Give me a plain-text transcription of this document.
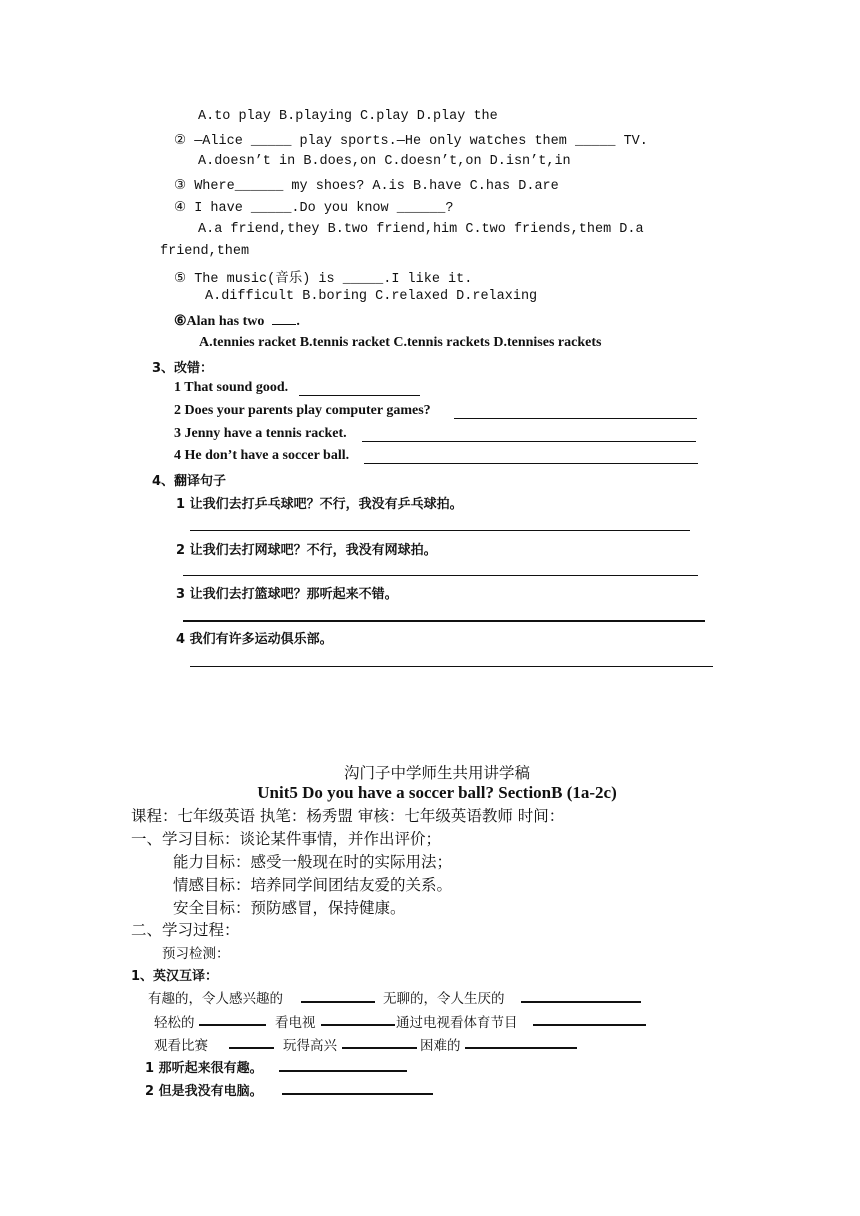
A.to play B.playing C.play D.play the
② —Alice _____ play sports.—He only watches them _____ TV.
A.doesn’t in B.does,on C.doesn’t,on D.isn’t,in
③ Where______ my shoes? A.is B.have C.has D.are
④ I have _____.Do you know ______?
A.a friend,they B.two friend,him C.two friends,them D.a
friend,them
⑤ The music(音乐) is _____.I like it.
A.difficult B.boring C.relaxed D.relaxing
⑥Alan has two .
A.tennies racket B.tennis racket C.tennis rackets D.tennises rackets
3、改错：
1 That sound good.
2 Does your parents play computer games?
3 Jenny have a tennis racket.
4 He don’t have a soccer ball.
4、翻译句子
1 让我们去打乒乓球吧？不行，我没有乒乓球拍。
2 让我们去打网球吧？不行，我没有网球拍。
3 让我们去打篮球吧？那听起来不错。
4 我们有许多运动俱乐部。
沟门子中学师生共用讲学稿
Unit5 Do you have a soccer ball? SectionB (1a-2c)
课程：七年级英语 执笔：杨秀盟 审核：七年级英语教师 时间：
一、学习目标：谈论某件事情，并作出评价；
能力目标：感受一般现在时的实际用法；
情感目标：培养同学间团结友爱的关系。
安全目标：预防感冒，保持健康。
二、学习过程：
预习检测：
1、英汉互译：
有趣的，令人感兴趣的	无聊的，令人生厌的
轻松的	看电视	通过电视看体育节目
观看比赛	玩得高兴	困难的
1 那听起来很有趣。
2 但是我没有电脑。
